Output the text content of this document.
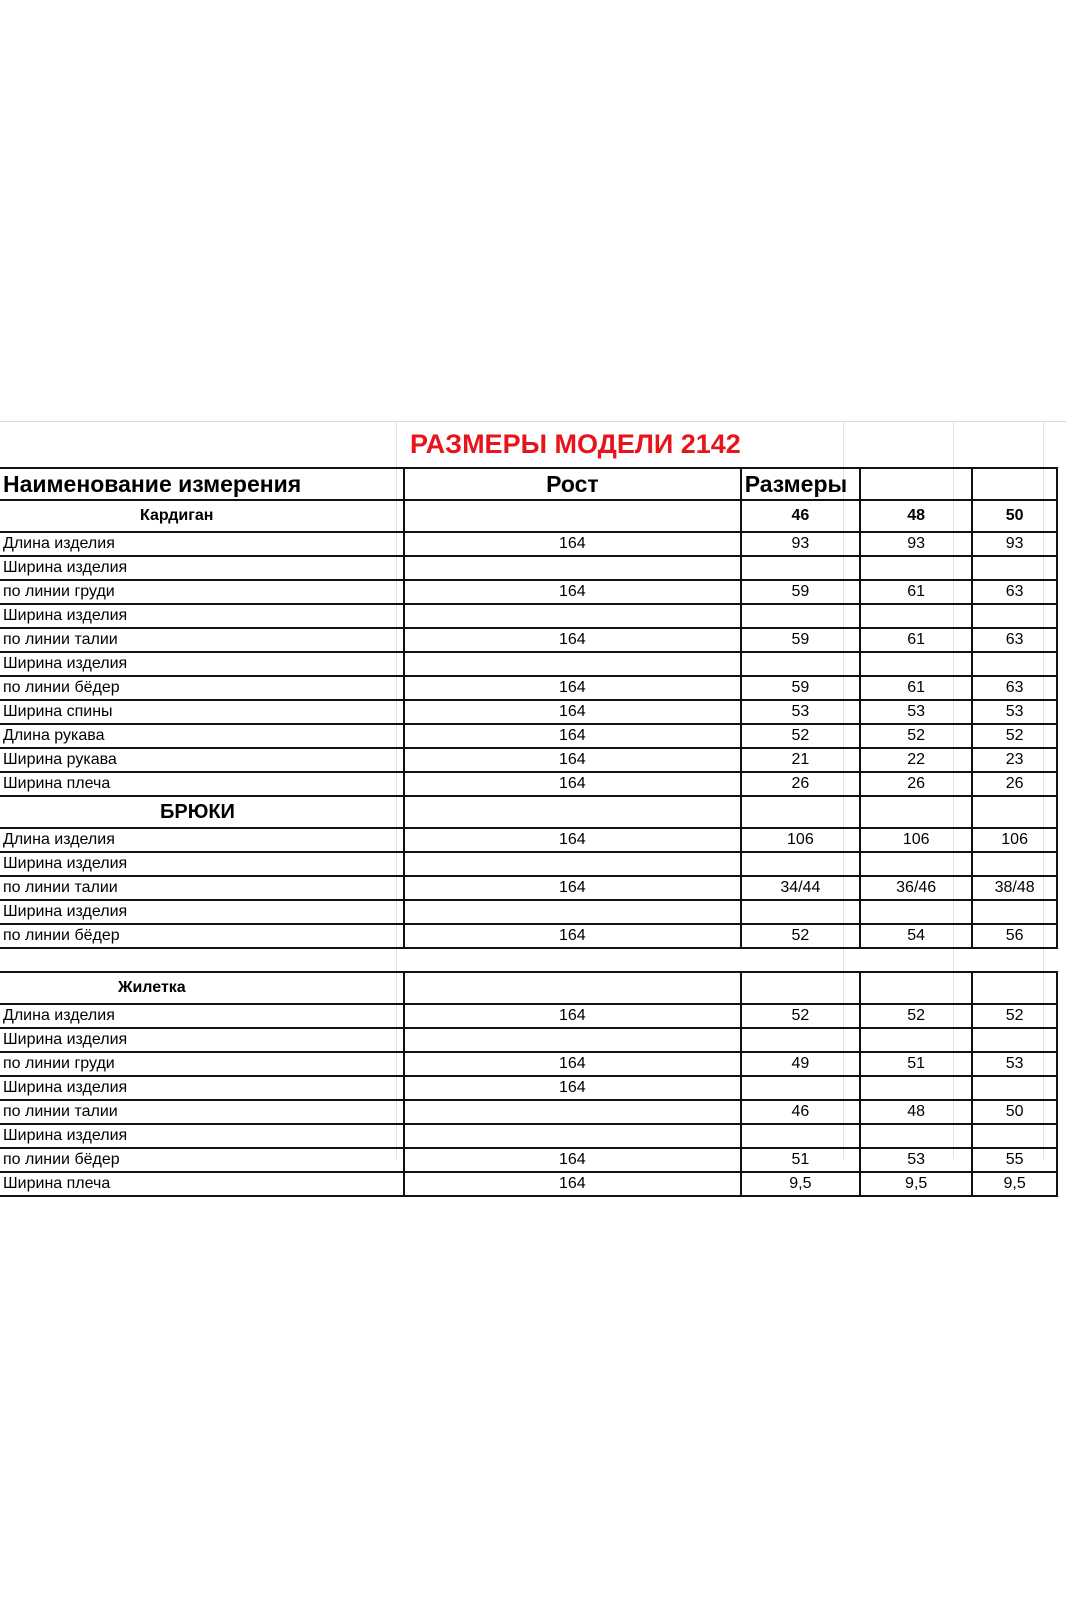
	РАЗМЕРЫ МОДЕЛИ 2142			

Наименование измерения	Рост	Размеры		
Кардиган		46	48	50
Длина изделия	164	93	93	93
Ширина изделия				
по линии груди	164	59	61	63
Ширина изделия				
по линии талии	164	59	61	63
Ширина изделия				
по линии бёдер	164	59	61	63
Ширина спины	164	53	53	53
Длина рукава	164	52	52	52
Ширина рукава	164	21	22	23
Ширина плеча	164	26	26	26
БРЮКИ				
Длина изделия	164	106	106	106
Ширина изделия				
по линии талии	164	34/44	36/46	38/48
Ширина изделия				
по линии бёдер	164	52	54	56

Жилетка				
Длина изделия	164	52	52	52
Ширина изделия				
по линии груди	164	49	51	53
Ширина изделия	164			
по линии талии		46	48	50
Ширина изделия				
по линии бёдер	164	51	53	55
Ширина плеча	164	9,5	9,5	9,5
